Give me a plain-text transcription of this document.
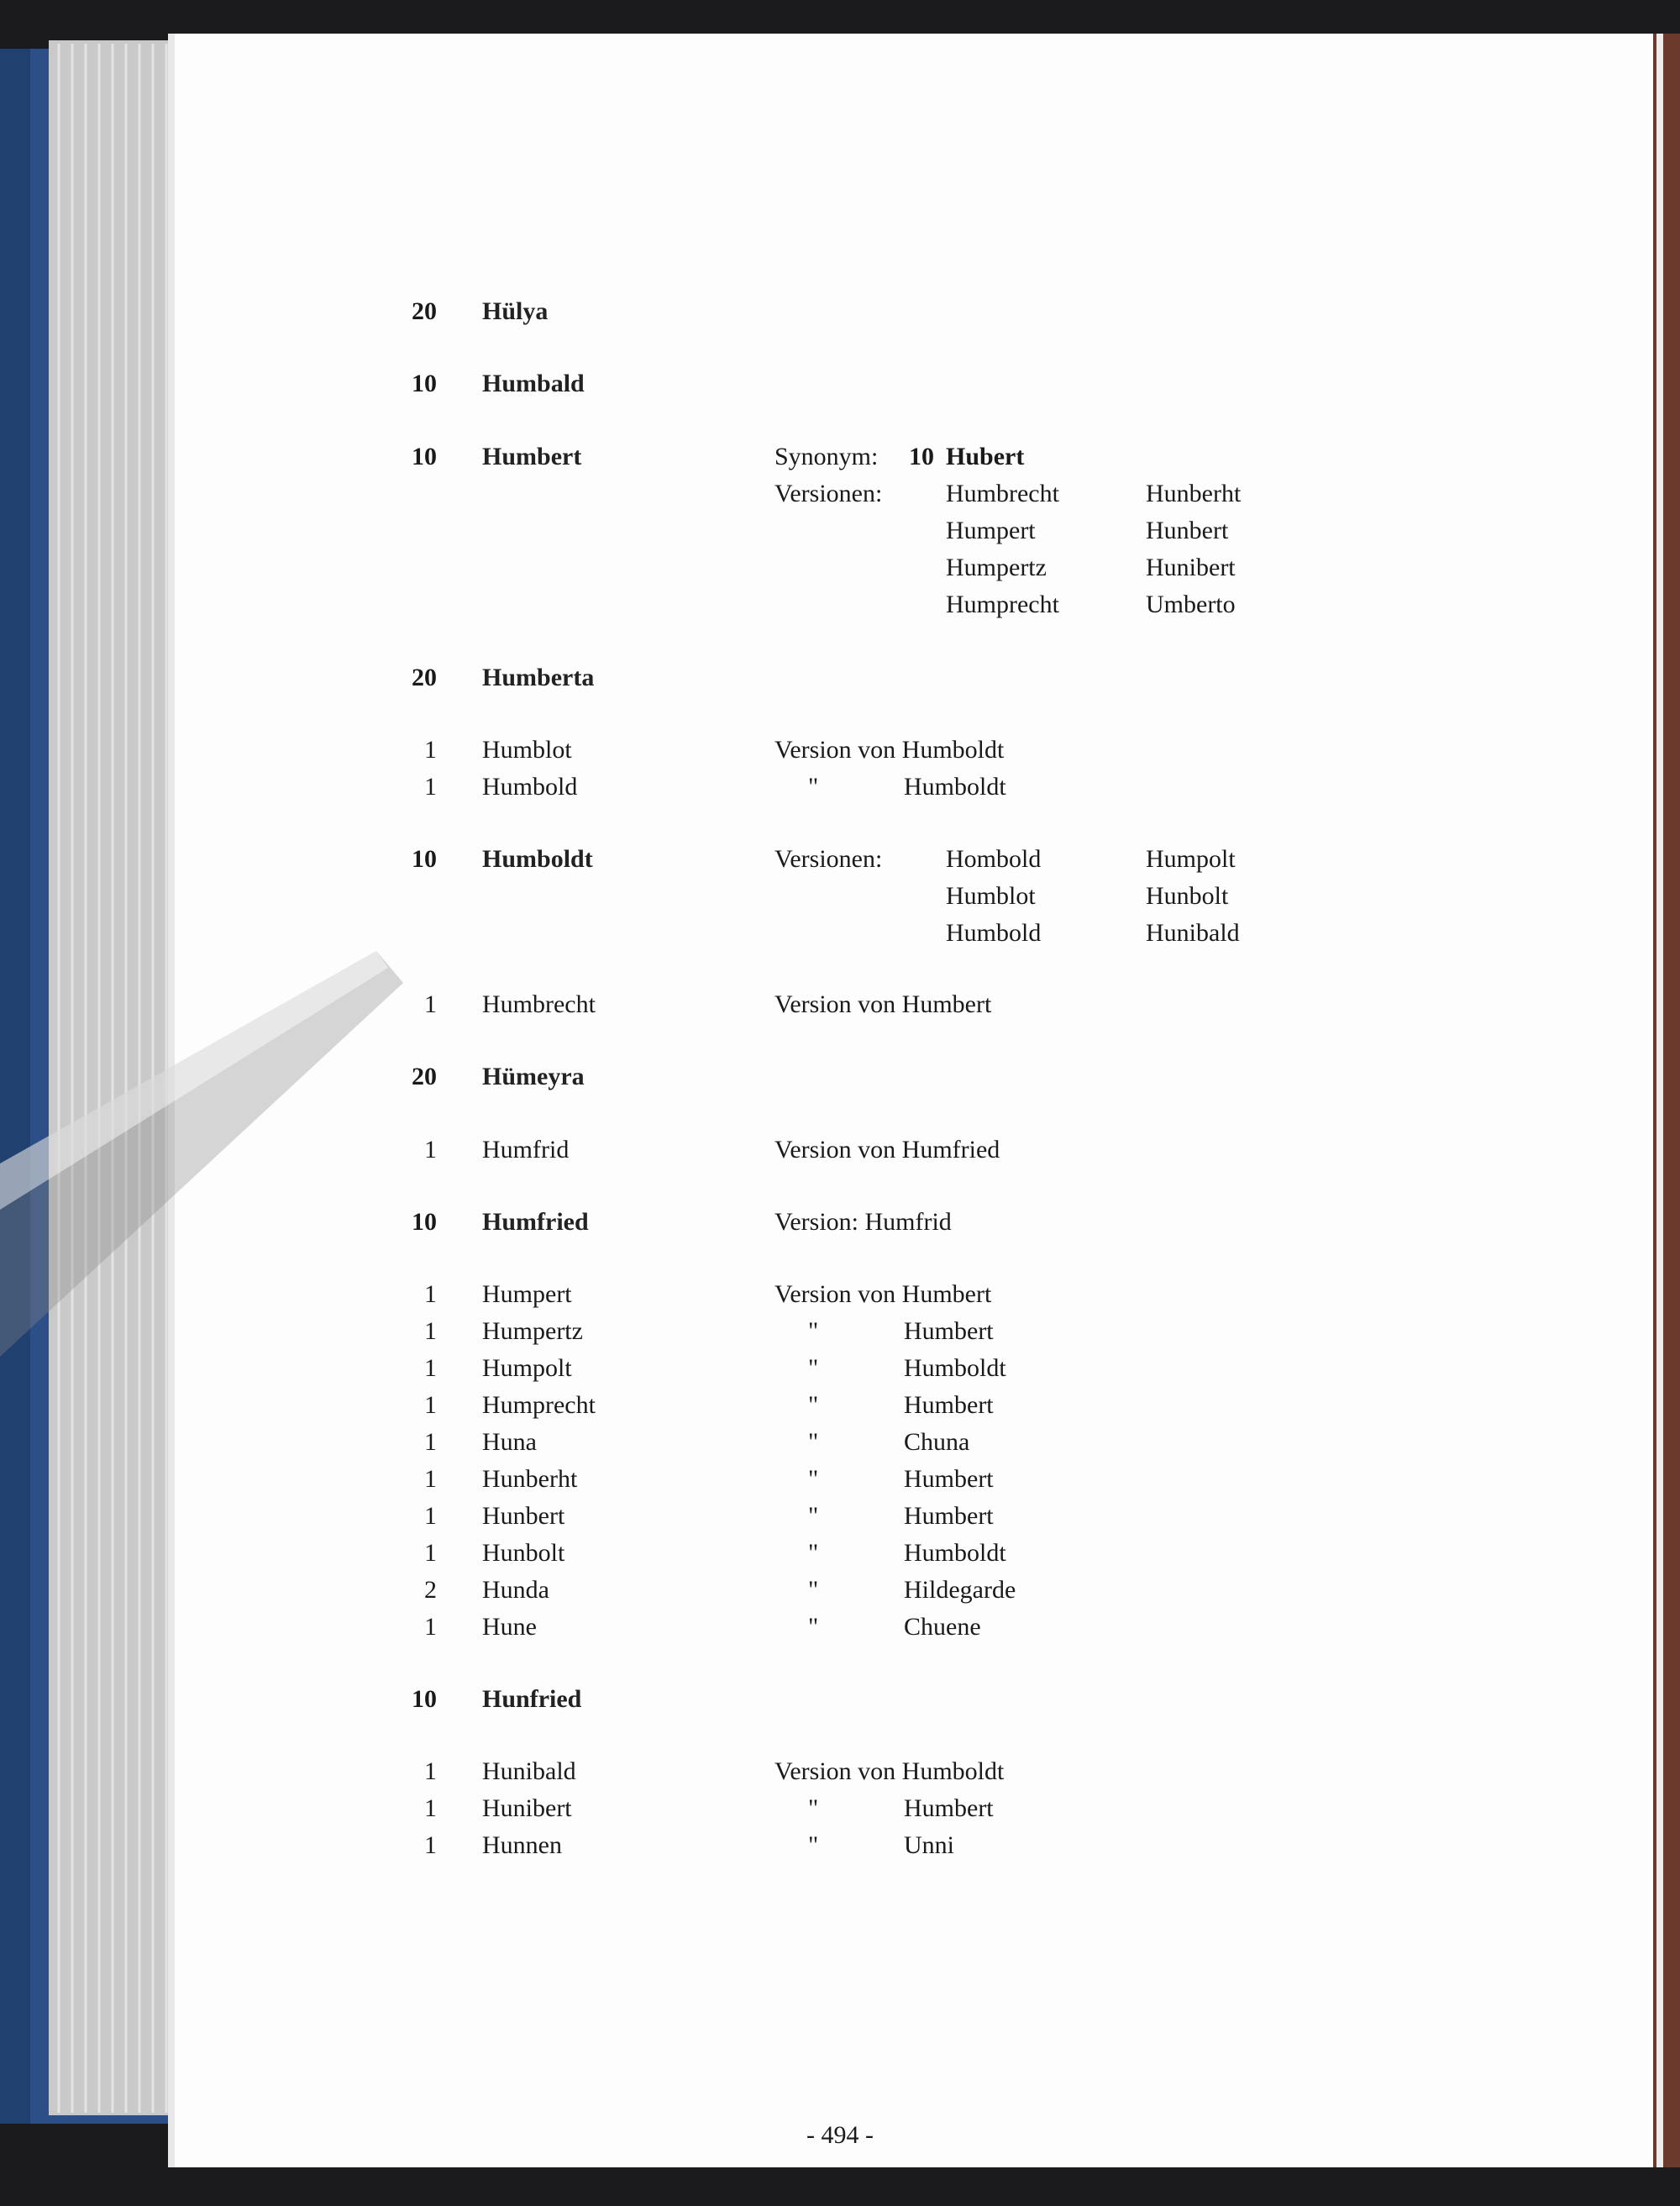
20 Hülya
10 Humbald
10 Humbert	Synonym: 10 Hubert
Versionen:	Humbrecht	Hunberht
Humpert	Hunbert
Humpertz	Hunibert
Humprecht	Umberto
20 Humberta
1 Humblot	Version von Humboldt
1 Humbold	"	Humboldt
10 Humboldt	Versionen:	Hombold	Humpolt
Humblot	Hunbolt
Humbold	Hunibald
1 Humbrecht	Version von Humbert
20 Hümeyra
1 Humfrid	Version von Humfried
10 Humfried	Version: Humfrid
1 Humpert	Version von Humbert
1 Humpertz	"	Humbert
1 Humpolt	"	Humboldt
1 Humprecht	"	Humbert
1 Huna	"	Chuna
1 Hunberht	"	Humbert
1 Hunbert	"	Humbert
1 Hunbolt	"	Humboldt
2 Hunda	"	Hildegarde
1 Hune	"	Chuene
10 Hunfried
1 Hunibald	Version von Humboldt
1 Hunibert	"	Humbert
1 Hunnen	"	Unni
- 494 -
